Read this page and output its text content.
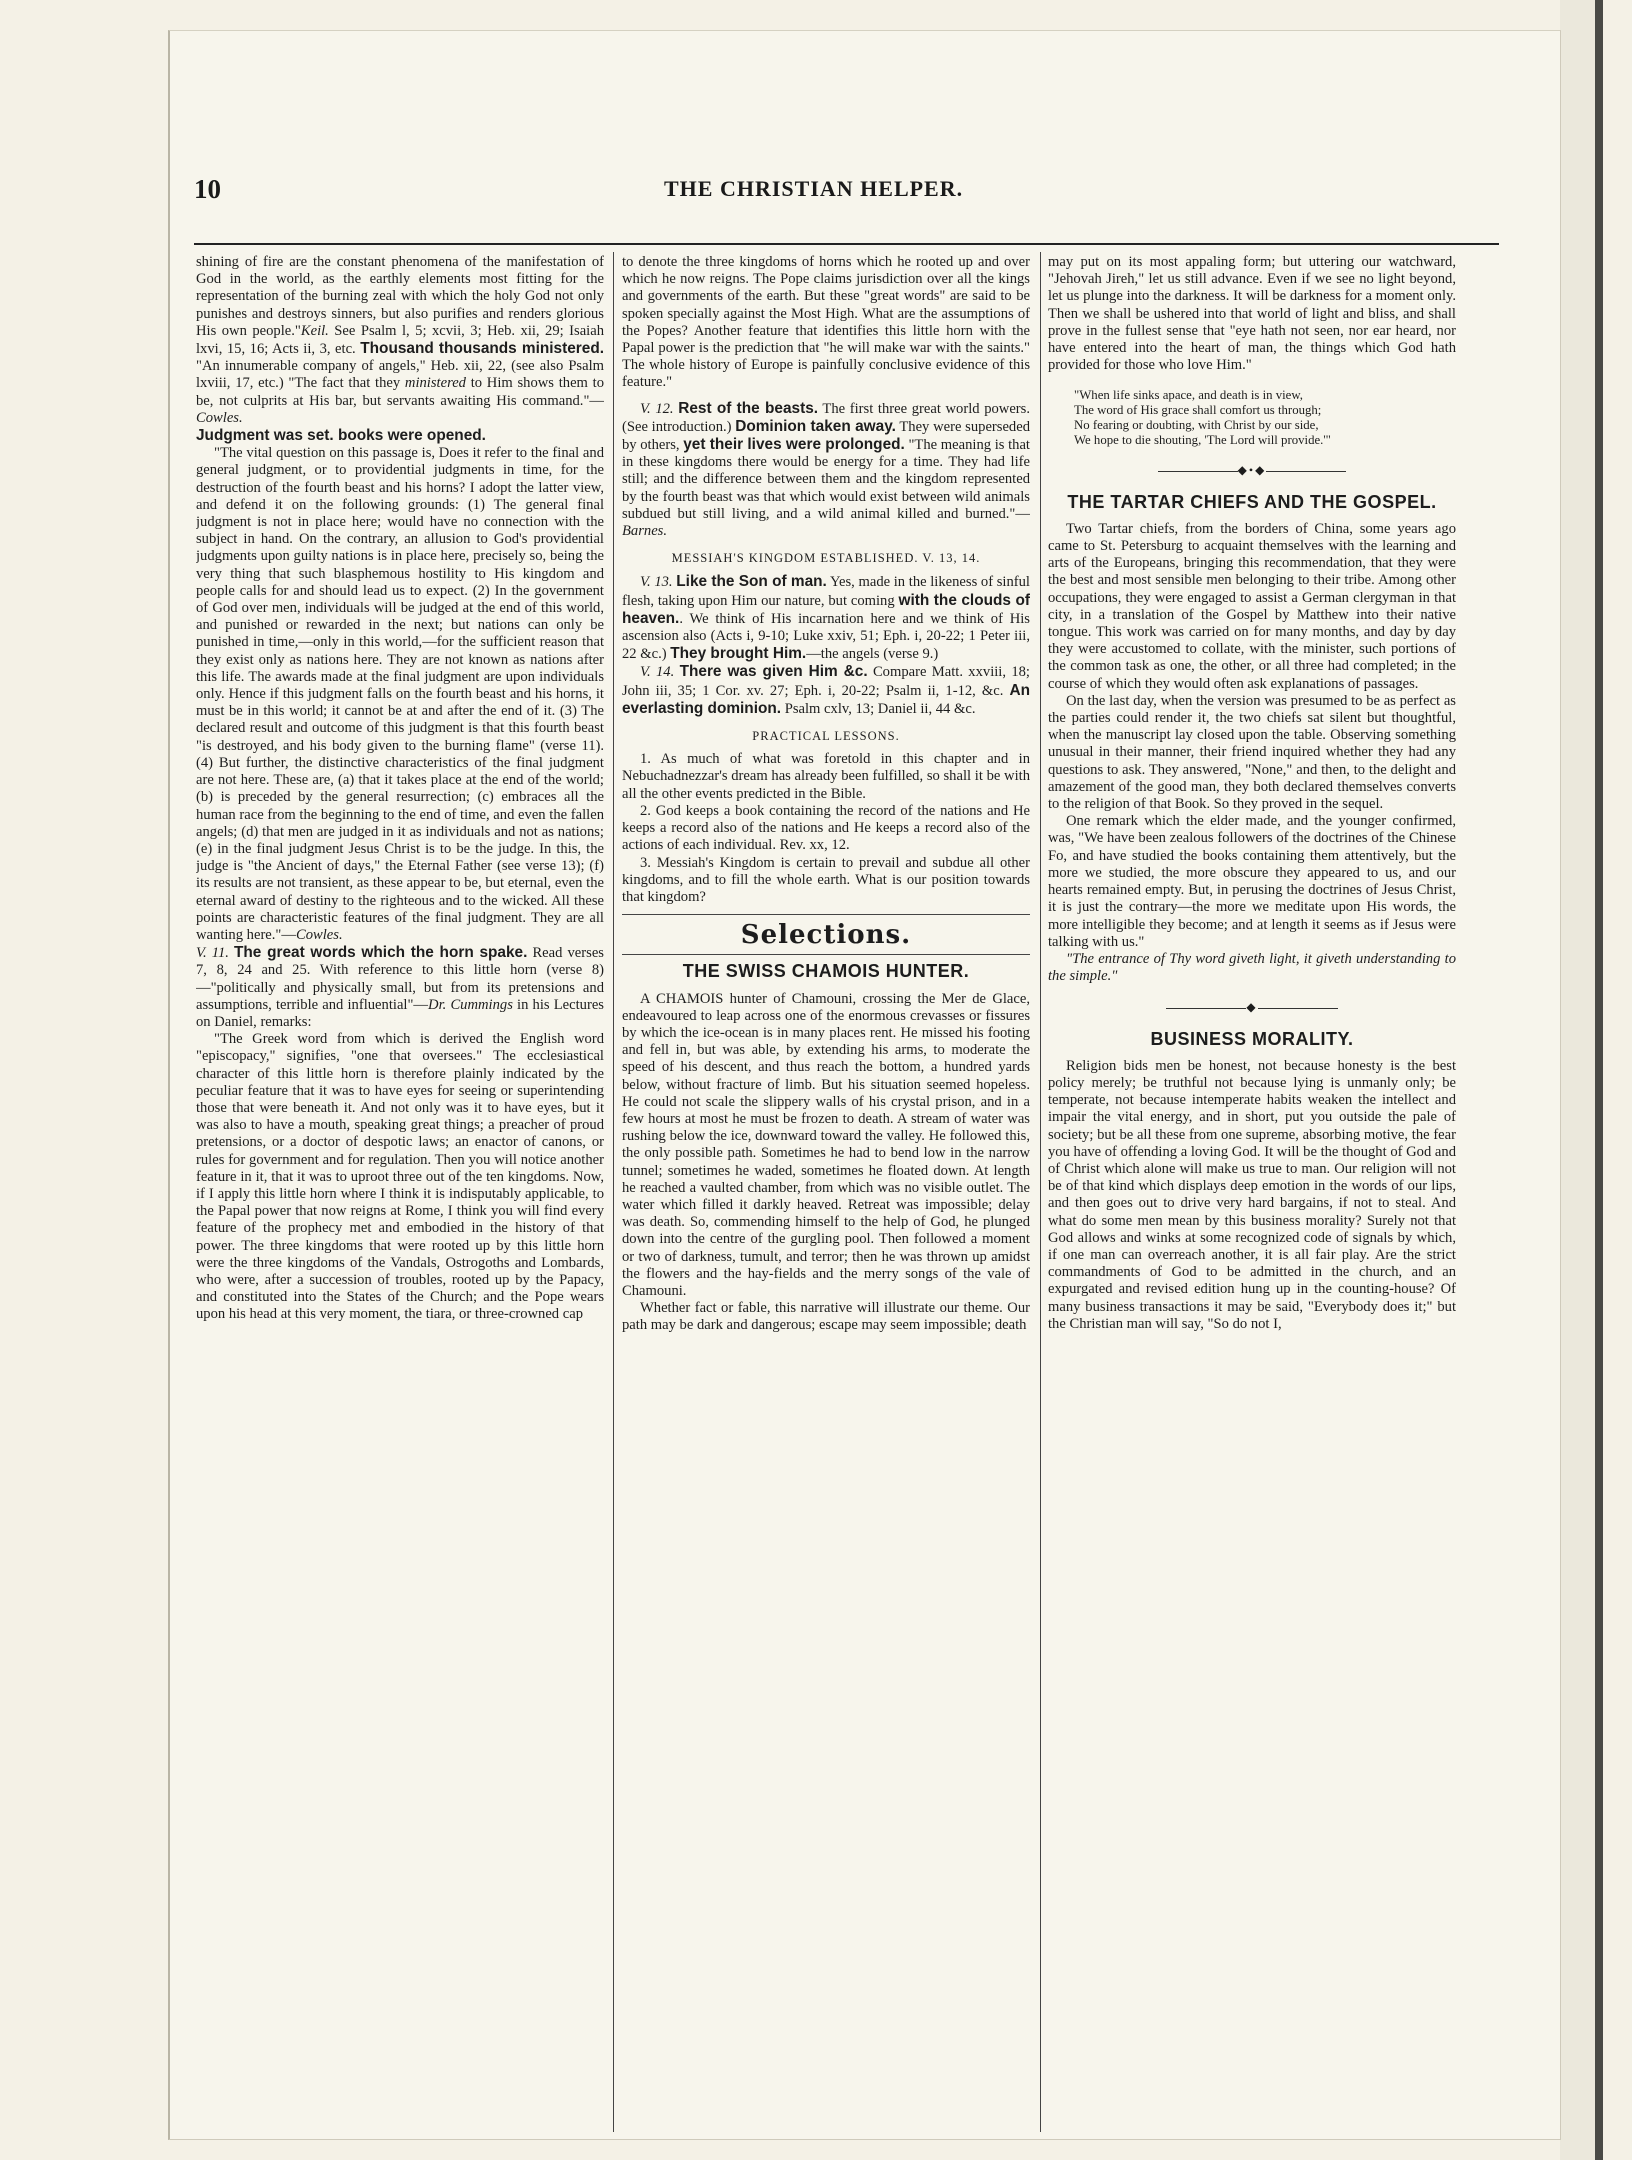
10	THE CHRISTIAN HELPER.

shining of fire are the constant phenomena of the manifestation of God in the world, as the earthly elements most fitting for the representation of the burning zeal with which the holy God not only punishes and destroys sinners, but also purifies and renders glorious His own people."Keil. See Psalm l, 5; xcvii, 3; Heb. xii, 29; Isaiah lxvi, 15, 16; Acts ii, 3, etc. Thousand thousands ministered. "An innumerable company of angels," Heb. xii, 22, (see also Psalm lxviii, 17, etc.) "The fact that they ministered to Him shows them to be, not culprits at His bar, but servants awaiting His command."—Cowles.

Judgment was set. books were opened.

"The vital question on this passage is, Does it refer to the final and general judgment, or to providential judgments in time, for the destruction of the fourth beast and his horns? I adopt the latter view, and defend it on the following grounds: (1) The general final judgment is not in place here; would have no connection with the subject in hand. On the contrary, an allusion to God's providential judgments upon guilty nations is in place here, precisely so, being the very thing that such blasphemous hostility to His kingdom and people calls for and should lead us to expect. (2) In the government of God over men, individuals will be judged at the end of this world, and punished or rewarded in the next; but nations can only be punished in time,—only in this world,—for the sufficient reason that they exist only as nations here. They are not known as nations after this life. The awards made at the final judgment are upon individuals only. Hence if this judgment falls on the fourth beast and his horns, it must be in this world; it cannot be at and after the end of it. (3) The declared result and outcome of this judgment is that this fourth beast "is destroyed, and his body given to the burning flame" (verse 11). (4) But further, the distinctive characteristics of the final judgment are not here. These are, (a) that it takes place at the end of the world; (b) is preceded by the general resurrection; (c) embraces all the human race from the beginning to the end of time, and even the fallen angels; (d) that men are judged in it as individuals and not as nations; (e) in the final judgment Jesus Christ is to be the judge. In this, the judge is "the Ancient of days," the Eternal Father (see verse 13); (f) its results are not transient, as these appear to be, but eternal, even the eternal award of destiny to the righteous and to the wicked. All these points are characteristic features of the final judgment. They are all wanting here."—Cowles.

V. 11. The great words which the horn spake. Read verses 7, 8, 24 and 25. With reference to this little horn (verse 8)—"politically and physically small, but from its pretensions and assumptions, terrible and influential"—Dr. Cummings in his Lectures on Daniel, remarks:

"The Greek word from which is derived the English word "episcopacy," signifies, "one that oversees." The ecclesiastical character of this little horn is therefore plainly indicated by the peculiar feature that it was to have eyes for seeing or superintending those that were beneath it. And not only was it to have eyes, but it was also to have a mouth, speaking great things; a preacher of proud pretensions, or a doctor of despotic laws; an enactor of canons, or rules for government and for regulation. Then you will notice another feature in it, that it was to uproot three out of the ten kingdoms. Now, if I apply this little horn where I think it is indisputably applicable, to the Papal power that now reigns at Rome, I think you will find every feature of the prophecy met and embodied in the history of that power. The three kingdoms that were rooted up by this little horn were the three kingdoms of the Vandals, Ostrogoths and Lombards, who were, after a succession of troubles, rooted up by the Papacy, and constituted into the States of the Church; and the Pope wears upon his head at this very moment, the tiara, or three-crowned cap

to denote the three kingdoms of horns which he rooted up and over which he now reigns. The Pope claims jurisdiction over all the kings and governments of the earth. But these "great words" are said to be spoken specially against the Most High. What are the assumptions of the Popes? Another feature that identifies this little horn with the Papal power is the prediction that "he will make war with the saints." The whole history of Europe is painfully conclusive evidence of this feature."

V. 12. Rest of the beasts. The first three great world powers. (See introduction.) Dominion taken away. They were superseded by others, yet their lives were prolonged. "The meaning is that in these kingdoms there would be energy for a time. They had life still; and the difference between them and the kingdom represented by the fourth beast was that which would exist between wild animals subdued but still living, and a wild animal killed and burned."—Barnes.

MESSIAH'S KINGDOM ESTABLISHED. V. 13, 14.

V. 13. Like the Son of man. Yes, made in the likeness of sinful flesh, taking upon Him our nature, but coming with the clouds of heaven.. We think of His incarnation here and we think of His ascension also (Acts i, 9-10; Luke xxiv, 51; Eph. i, 20-22; 1 Peter iii, 22 &c.) They brought Him.—the angels (verse 9.)

V. 14. There was given Him &c. Compare Matt. xxviii, 18; John iii, 35; 1 Cor. xv. 27; Eph. i, 20-22; Psalm ii, 1-12, &c. An everlasting dominion. Psalm cxlv, 13; Daniel ii, 44 &c.

PRACTICAL LESSONS.

1. As much of what was foretold in this chapter and in Nebuchadnezzar's dream has already been fulfilled, so shall it be with all the other events predicted in the Bible.

2. God keeps a book containing the record of the nations and He keeps a record also of the nations and He keeps a record also of the actions of each individual. Rev. xx, 12.

3. Messiah's Kingdom is certain to prevail and subdue all other kingdoms, and to fill the whole earth. What is our position towards that kingdom?

Selections.
THE SWISS CHAMOIS HUNTER.

A CHAMOIS hunter of Chamouni, crossing the Mer de Glace, endeavoured to leap across one of the enormous crevasses or fissures by which the ice-ocean is in many places rent. He missed his footing and fell in, but was able, by extending his arms, to moderate the speed of his descent, and thus reach the bottom, a hundred yards below, without fracture of limb. But his situation seemed hopeless. He could not scale the slippery walls of his crystal prison, and in a few hours at most he must be frozen to death. A stream of water was rushing below the ice, downward toward the valley. He followed this, the only possible path. Sometimes he had to bend low in the narrow tunnel; sometimes he waded, sometimes he floated down. At length he reached a vaulted chamber, from which was no visible outlet. The water which filled it darkly heaved. Retreat was impossible; delay was death. So, commending himself to the help of God, he plunged down into the centre of the gurgling pool. Then followed a moment or two of darkness, tumult, and terror; then he was thrown up amidst the flowers and the hay-fields and the merry songs of the vale of Chamouni.

Whether fact or fable, this narrative will illustrate our theme. Our path may be dark and dangerous; escape may seem impossible; death

may put on its most appaling form; but uttering our watchward, "Jehovah Jireh," let us still advance. Even if we see no light beyond, let us plunge into the darkness. It will be darkness for a moment only. Then we shall be ushered into that world of light and bliss, and shall prove in the fullest sense that "eye hath not seen, nor ear heard, nor have entered into the heart of man, the things which God hath provided for those who love Him."

"When life sinks apace, and death is in view,
The word of His grace shall comfort us through;
No fearing or doubting, with Christ by our side,
We hope to die shouting, 'The Lord will provide.'"
◆•◆
THE TARTAR CHIEFS AND THE GOSPEL.

Two Tartar chiefs, from the borders of China, some years ago came to St. Petersburg to acquaint themselves with the learning and arts of the Europeans, bringing this recommendation, that they were the best and most sensible men belonging to their tribe. Among other occupations, they were engaged to assist a German clergyman in that city, in a translation of the Gospel by Matthew into their native tongue. This work was carried on for many months, and day by day they were accustomed to collate, with the minister, such portions of the common task as one, the other, or all three had completed; in the course of which they would often ask explanations of passages.

On the last day, when the version was presumed to be as perfect as the parties could render it, the two chiefs sat silent but thoughtful, when the manuscript lay closed upon the table. Observing something unusual in their manner, their friend inquired whether they had any questions to ask. They answered, "None," and then, to the delight and amazement of the good man, they both declared themselves converts to the religion of that Book. So they proved in the sequel.

One remark which the elder made, and the younger confirmed, was, "We have been zealous followers of the doctrines of the Chinese Fo, and have studied the books containing them attentively, but the more we studied, the more obscure they appeared to us, and our hearts remained empty. But, in perusing the doctrines of Jesus Christ, it is just the contrary—the more we meditate upon His words, the more intelligible they become; and at length it seems as if Jesus were talking with us."

"The entrance of Thy word giveth light, it giveth understanding to the simple."

◆
BUSINESS MORALITY.

Religion bids men be honest, not because honesty is the best policy merely; be truthful not because lying is unmanly only; be temperate, not because intemperate habits weaken the intellect and impair the vital energy, and in short, put you outside the pale of society; but be all these from one supreme, absorbing motive, the fear you have of offending a loving God. It will be the thought of God and of Christ which alone will make us true to man. Our religion will not be of that kind which displays deep emotion in the words of our lips, and then goes out to drive very hard bargains, if not to steal. And what do some men mean by this business morality? Surely not that God allows and winks at some recognized code of signals by which, if one man can overreach another, it is all fair play. Are the strict commandments of God to be admitted in the church, and an expurgated and revised edition hung up in the counting-house? Of many business transactions it may be said, "Everybody does it;" but the Christian man will say, "So do not I,
